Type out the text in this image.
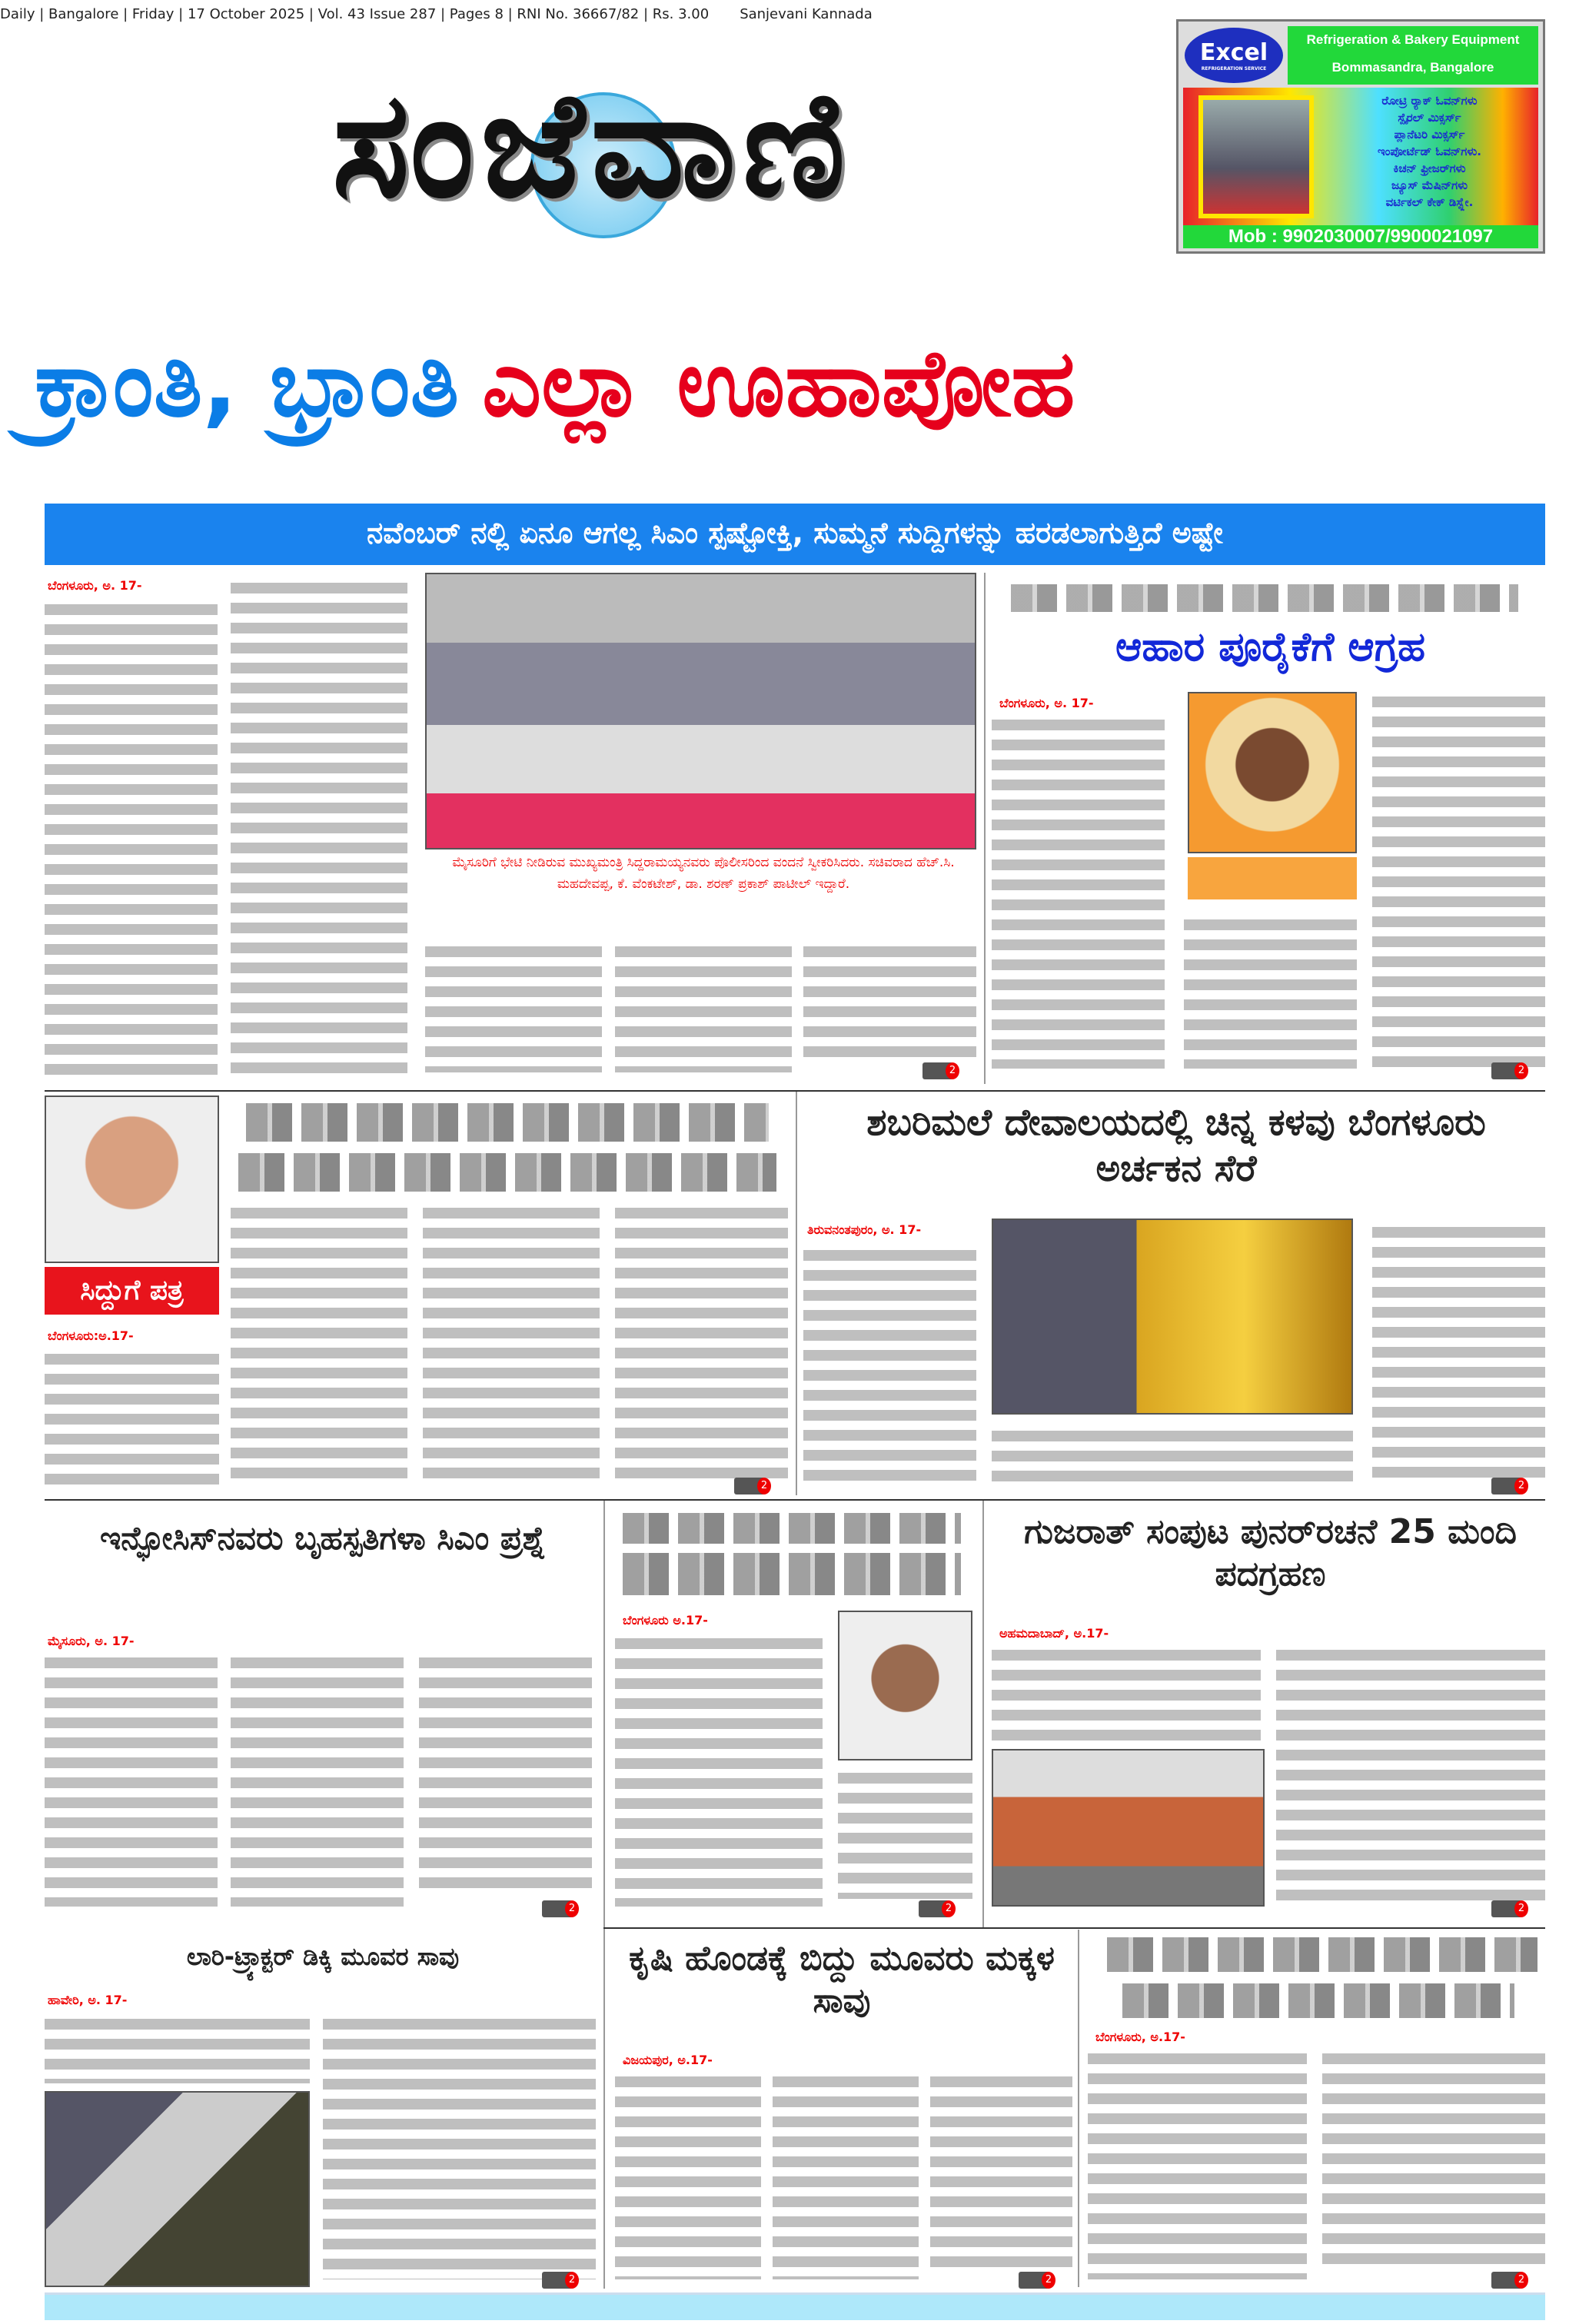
Daily | Bangalore | Friday | 17 October 2025 | Vol. 43 Issue 287 | Pages 8 | RNI No. 36667/82 | Rs. 3.00 Sanjevani Kannada
ಸಂಜೆವಾಣಿ
Excel
REFRIGERATION SERVICE
Refrigeration & Bakery Equipment
Bommasandra, Bangalore
ರೋಟ್ರಿ ರ್‍ಯಾಕ್ ಓವನ್‌ಗಳು
ಸ್ಪೈರಲ್ ಮಿಕ್ಸರ್ಸ್
ಪ್ಲಾನೆಟರಿ ಮಿಕ್ಸರ್ಸ್
ಇಂಪೋರ್ಟೆಡ್ ಓವನ್‌ಗಳು.
ಕಿಚನ್ ಫ್ರೀಜರ್‌ಗಳು
ಜ್ಯೂಸ್ ಮೆಷಿನ್‌ಗಳು
ವರ್ಟಿಕಲ್ ಕೇಕ್ ಡಿಸ್ಪ್ಲೇ.
Mob : 9902030007/9900021097
ಕ್ರಾಂತಿ, ಭ್ರಾಂತಿ ಎಲ್ಲಾ ಊಹಾಪೋಹ
ನವೆಂಬರ್ ನಲ್ಲಿ ಏನೂ ಆಗಲ್ಲ ಸಿಎಂ ಸ್ಪಷ್ಟೋಕ್ತಿ, ಸುಮ್ಮನೆ ಸುದ್ದಿಗಳನ್ನು ಹರಡಲಾಗುತ್ತಿದೆ ಅಷ್ಟೇ
ಬೆಂಗಳೂರು, ಅ. 17-
ಮೈಸೂರಿಗೆ ಭೇಟಿ ನೀಡಿರುವ ಮುಖ್ಯಮಂತ್ರಿ ಸಿದ್ದರಾಮಯ್ಯನವರು ಪೊಲೀಸರಿಂದ ವಂದನೆ ಸ್ವೀಕರಿಸಿದರು. ಸಚಿವರಾದ ಹೆಚ್.ಸಿ. ಮಹದೇವಪ್ಪ, ಕೆ. ವೆಂಕಟೇಶ್, ಡಾ. ಶರಣ್ ಪ್ರಕಾಶ್ ಪಾಟೀಲ್ ಇದ್ದಾರೆ.
2
ಆಹಾರ ಪೂರೈಕೆಗೆ ಆಗ್ರಹ
ಬೆಂಗಳೂರು, ಅ. 17-
2
ಸಿದ್ದುಗೆ ಪತ್ರ
ಬೆಂಗಳೂರು:ಅ.17-
2
ಶಬರಿಮಲೆ ದೇವಾಲಯದಲ್ಲಿ ಚಿನ್ನ ಕಳವು ಬೆಂಗಳೂರು ಅರ್ಚಕನ ಸೆರೆ
ತಿರುವನಂತಪುರಂ, ಅ. 17-
2
ಇನ್ಫೋಸಿಸ್‌ನವರು ಬೃಹಸ್ಪತಿಗಳಾ ಸಿಎಂ ಪ್ರಶ್ನೆ
ಮೈಸೂರು, ಅ. 17-
2
ಬೆಂಗಳೂರು ಅ.17-
2
ಗುಜರಾತ್ ಸಂಪುಟ ಪುನರ್‌ರಚನೆ 25 ಮಂದಿ ಪದಗ್ರಹಣ
ಅಹಮದಾಬಾದ್, ಅ.17-
2
ಲಾರಿ-ಟ್ರ್ಯಾಕ್ಟರ್ ಡಿಕ್ಕಿ ಮೂವರ ಸಾವು
ಹಾವೇರಿ, ಅ. 17-
2
ಕೃಷಿ ಹೊಂಡಕ್ಕೆ ಬಿದ್ದು ಮೂವರು ಮಕ್ಕಳ ಸಾವು
ವಿಜಯಪುರ, ಅ.17-
2
ಬೆಂಗಳೂರು, ಅ.17-
2
